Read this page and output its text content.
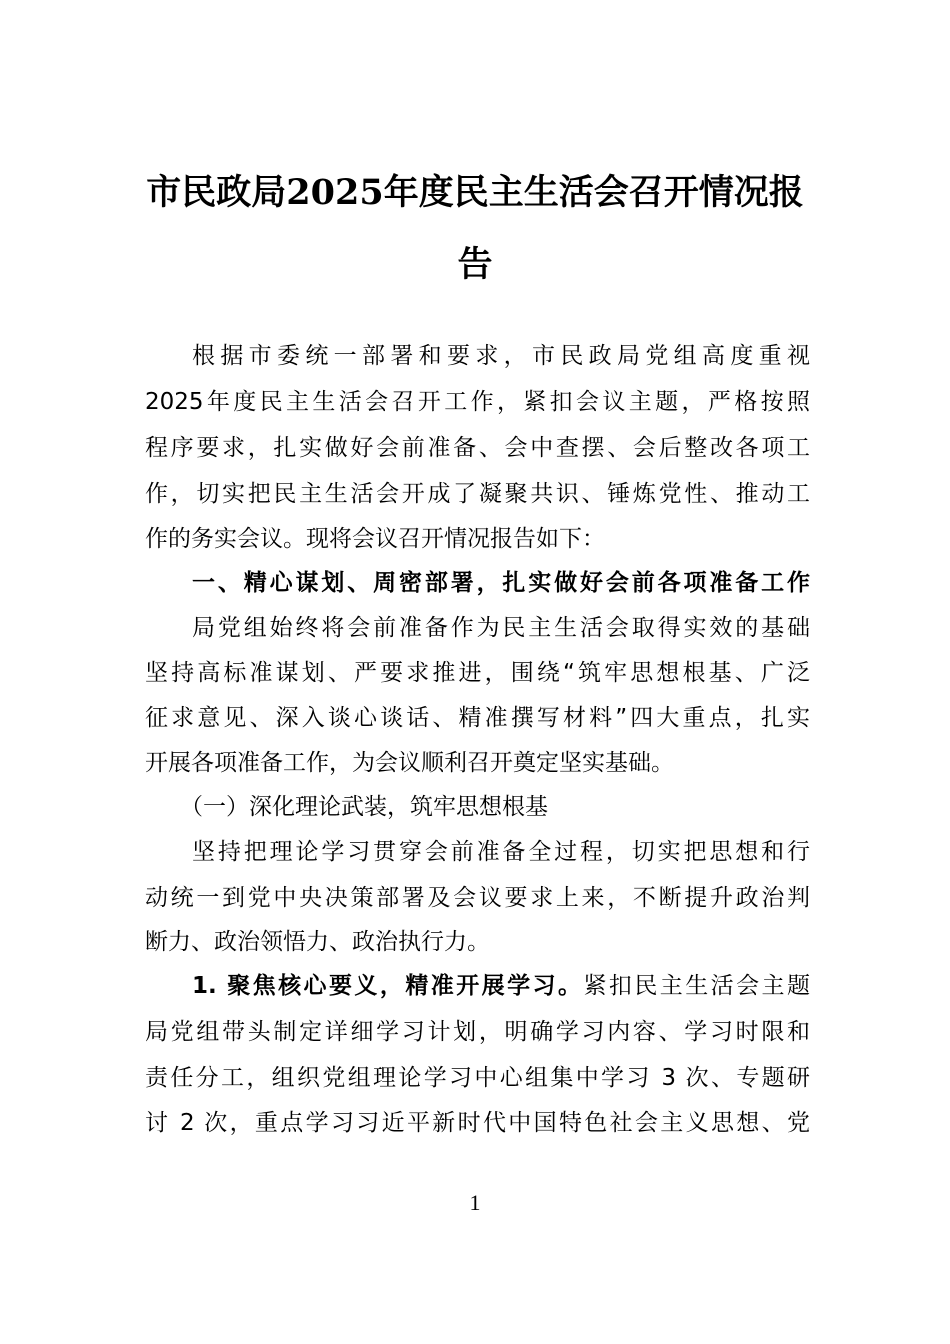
市民政局2025年度民主生活会召开情况报
告
根据市委统一部署和要求，市民政局党组高度重视
2025年度民主生活会召开工作，紧扣会议主题，严格按照
程序要求，扎实做好会前准备、会中查摆、会后整改各项工
作，切实把民主生活会开成了凝聚共识、锤炼党性、推动工
作的务实会议。现将会议召开情况报告如下：
一、精心谋划、周密部署，扎实做好会前各项准备工作
局党组始终将会前准备作为民主生活会取得实效的基础
坚持高标准谋划、严要求推进，围绕“筑牢思想根基、广泛
征求意见、深入谈心谈话、精准撰写材料”四大重点，扎实
开展各项准备工作，为会议顺利召开奠定坚实基础。
（一）深化理论武装，筑牢思想根基
坚持把理论学习贯穿会前准备全过程，切实把思想和行
动统一到党中央决策部署及会议要求上来，不断提升政治判
断力、政治领悟力、政治执行力。
1. 聚焦核心要义，精准开展学习。紧扣民主生活会主题
局党组带头制定详细学习计划，明确学习内容、学习时限和
责任分工，组织党组理论学习中心组集中学习 3 次、专题研
讨 2 次，重点学习习近平新时代中国特色社会主义思想、党
1
